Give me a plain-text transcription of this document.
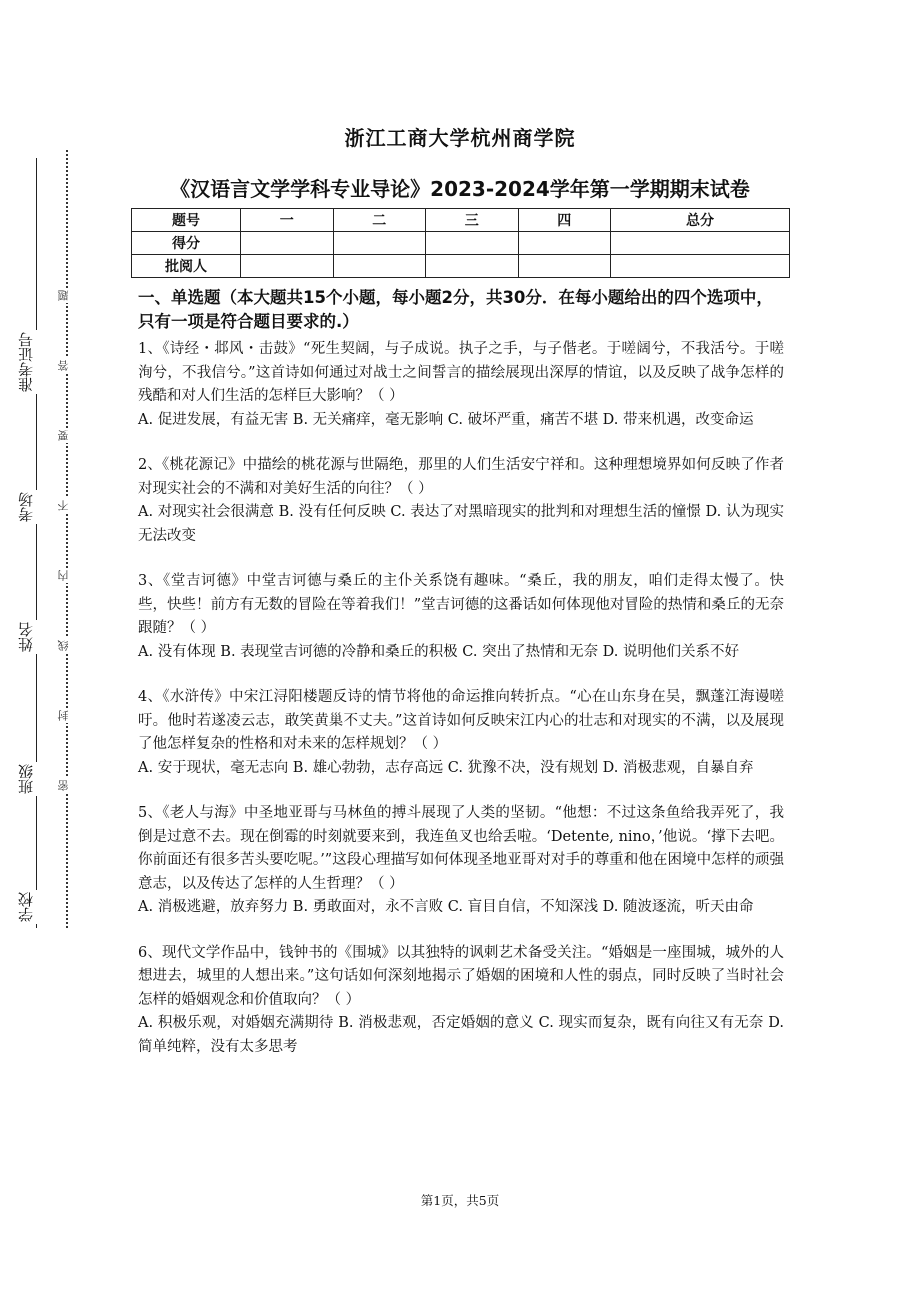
准考证号
考场
姓名
班级
学校
题
答
要
不
内
线
封
密
浙江工商大学杭州商学院
《汉语言文学学科专业导论》2023-2024学年第一学期期末试卷
题号	一	二	三	四	总分
得分					
批阅人					

一、单选题（本大题共15个小题，每小题2分，共30分．在每小题给出的四个选项中，只有一项是符合题目要求的.）

1、《诗经・邶风・击鼓》“死生契阔，与子成说。执子之手，与子偕老。于嗟阔兮，不我活兮。于嗟洵兮，不我信兮。”这首诗如何通过对战士之间誓言的描绘展现出深厚的情谊，以及反映了战争怎样的残酷和对人们生活的怎样巨大影响？（ ）

A. 促进发展，有益无害 B. 无关痛痒，毫无影响 C. 破坏严重，痛苦不堪 D. 带来机遇，改变命运

2、《桃花源记》中描绘的桃花源与世隔绝，那里的人们生活安宁祥和。这种理想境界如何反映了作者对现实社会的不满和对美好生活的向往？（ ）

A. 对现实社会很满意 B. 没有任何反映 C. 表达了对黑暗现实的批判和对理想生活的憧憬 D. 认为现实无法改变

3、《堂吉诃德》中堂吉诃德与桑丘的主仆关系饶有趣味。“桑丘，我的朋友，咱们走得太慢了。快些，快些！前方有无数的冒险在等着我们！”堂吉诃德的这番话如何体现他对冒险的热情和桑丘的无奈跟随？（ ）

A. 没有体现 B. 表现堂吉诃德的冷静和桑丘的积极 C. 突出了热情和无奈 D. 说明他们关系不好

4、《水浒传》中宋江浔阳楼题反诗的情节将他的命运推向转折点。“心在山东身在吴，飘蓬江海谩嗟吁。他时若遂凌云志，敢笑黄巢不丈夫。”这首诗如何反映宋江内心的壮志和对现实的不满，以及展现了他怎样复杂的性格和对未来的怎样规划？（ ）

A. 安于现状，毫无志向 B. 雄心勃勃，志存高远 C. 犹豫不决，没有规划 D. 消极悲观，自暴自弃

5、《老人与海》中圣地亚哥与马林鱼的搏斗展现了人类的坚韧。“他想：不过这条鱼给我弄死了，我倒是过意不去。现在倒霉的时刻就要来到，我连鱼叉也给丢啦。‘Detente, nino，’他说。‘撑下去吧。你前面还有很多苦头要吃呢。’”这段心理描写如何体现圣地亚哥对对手的尊重和他在困境中怎样的顽强意志，以及传达了怎样的人生哲理？（ ）

A. 消极逃避，放弃努力 B. 勇敢面对，永不言败 C. 盲目自信，不知深浅 D. 随波逐流，听天由命

6、现代文学作品中，钱钟书的《围城》以其独特的讽刺艺术备受关注。“婚姻是一座围城，城外的人想进去，城里的人想出来。”这句话如何深刻地揭示了婚姻的困境和人性的弱点，同时反映了当时社会怎样的婚姻观念和价值取向？（ ）

A. 积极乐观，对婚姻充满期待 B. 消极悲观，否定婚姻的意义 C. 现实而复杂，既有向往又有无奈 D. 简单纯粹，没有太多思考

第1页，共5页
